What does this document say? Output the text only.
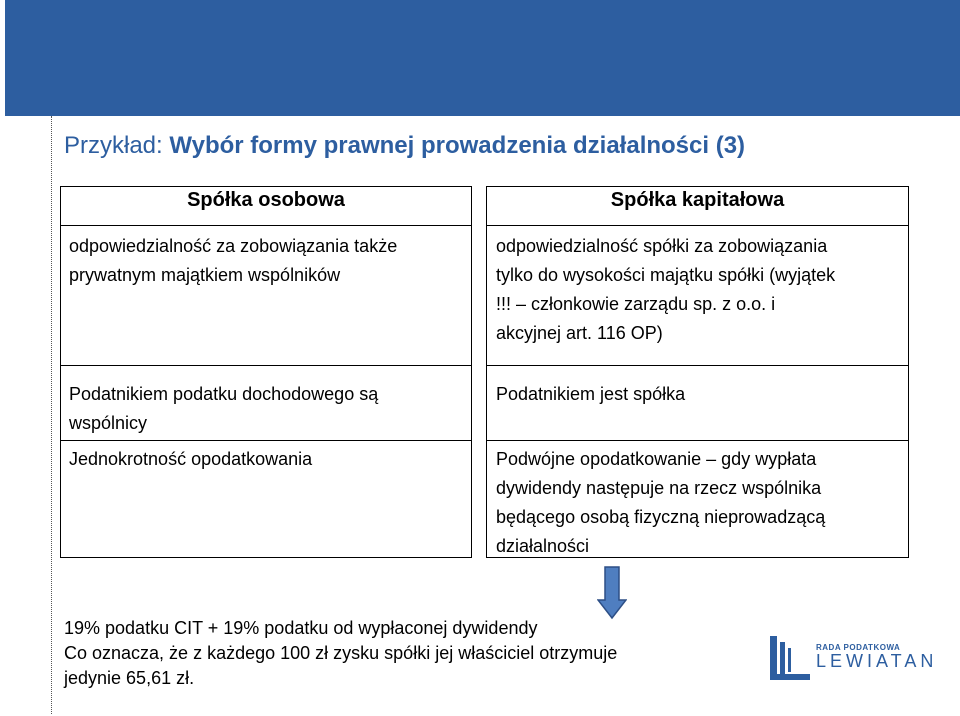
Przykład: Wybór formy prawnej prowadzenia działalności (3)
Spółka osobowa
odpowiedzialność za zobowiązania także
prywatnym majątkiem wspólników
Podatnikiem podatku dochodowego są
wspólnicy
Jednokrotność opodatkowania
Spółka kapitałowa
odpowiedzialność spółki za zobowiązania
tylko do wysokości majątku spółki (wyjątek
!!! – członkowie zarządu sp. z o.o. i
akcyjnej art. 116 OP)
Podatnikiem jest spółka
Podwójne opodatkowanie – gdy wypłata
dywidendy następuje na rzecz wspólnika
będącego osobą fizyczną nieprowadzącą
działalności
19% podatku CIT + 19% podatku od wypłaconej dywidendy
Co oznacza, że z każdego 100 zł zysku spółki jej właściciel otrzymuje
jedynie 65,61 zł.
RADA PODATKOWA
LEWIATAN
